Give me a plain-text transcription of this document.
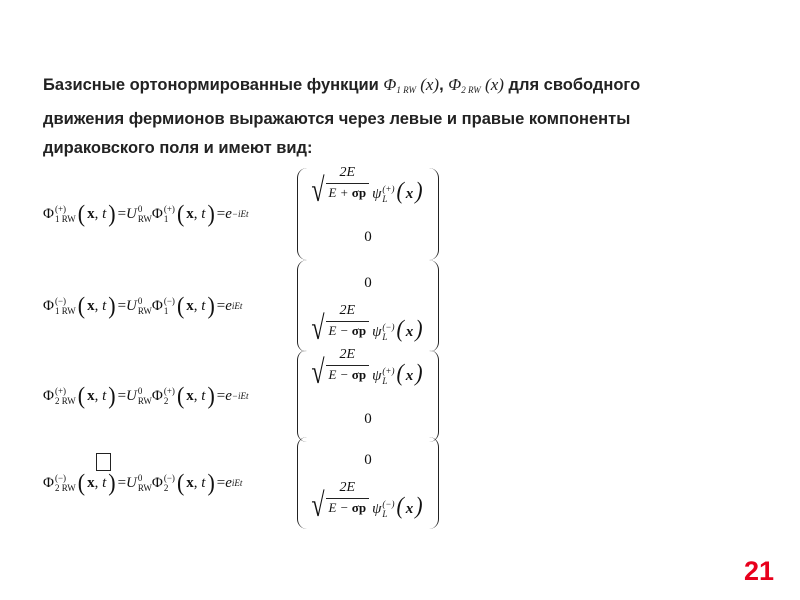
Базисные ортонормированные функции $\Phi_{1 RW}$ (x), $\Phi_{2 RW}$ (x) для свободного
движения фермионов выражаются через левые и правые компоненты
дираковского поля и имеют вид:
Φ (+)
1 RW ( x , t ) = U 0
RW Φ (+)
1 ( x , t ) = e −iEt
√
2E
E + σp ψ (+)
L ( x)
0
Φ (−)
1 RW ( x , t ) = U 0
RW Φ (−)
1 ( x , t ) = e iEt
0
√
2E
E − σp ψ (−)
L ( x)
Φ (+)
2 RW ( x , t ) = U 0
RW Φ (+)
2 ( x , t ) = e −iEt
√
2E
E − σp ψ (+)
L ( x)
0
Φ (−)
2 RW ( x , t ) = U 0
RW Φ (−)
2 ( x , t ) = e iEt
0
√
2E
E − σp ψ (−)
L ( x)
21
